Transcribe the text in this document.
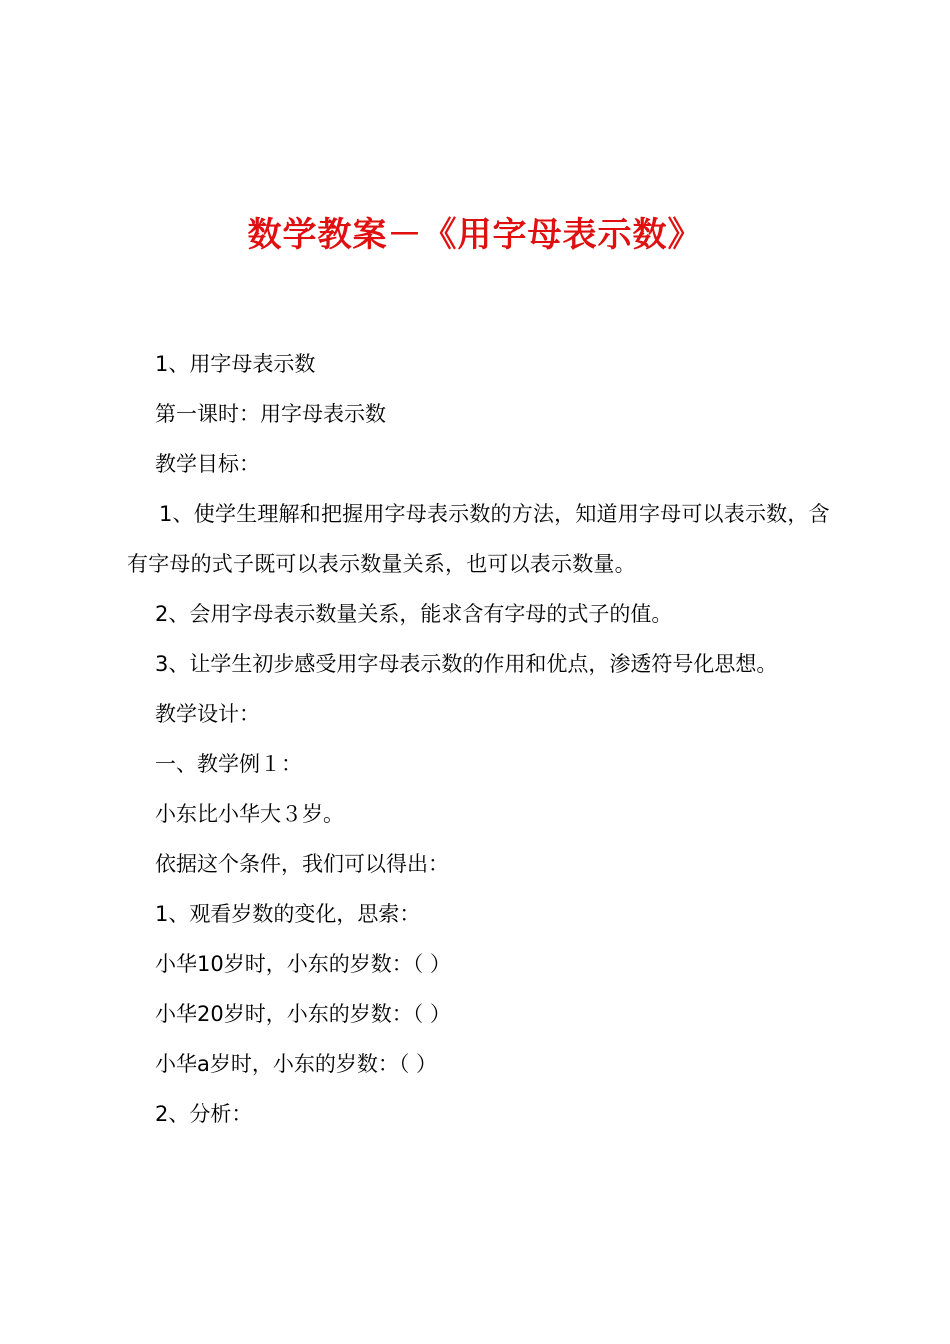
数学教案－《用字母表示数》

1、用字母表示数

第一课时：用字母表示数

教学目标：

1、使学生理解和把握用字母表示数的方法，知道用字母可以表示数，含有字母的式子既可以表示数量关系，也可以表示数量。

2、会用字母表示数量关系，能求含有字母的式子的值。

3、让学生初步感受用字母表示数的作用和优点，渗透符号化思想。

教学设计：

一、教学例１：

小东比小华大３岁。

依据这个条件，我们可以得出：

1、观看岁数的变化，思索：

小华10岁时，小东的岁数：（ ）

小华20岁时，小东的岁数：（ ）

小华a岁时，小东的岁数：（ ）

2、分析：
